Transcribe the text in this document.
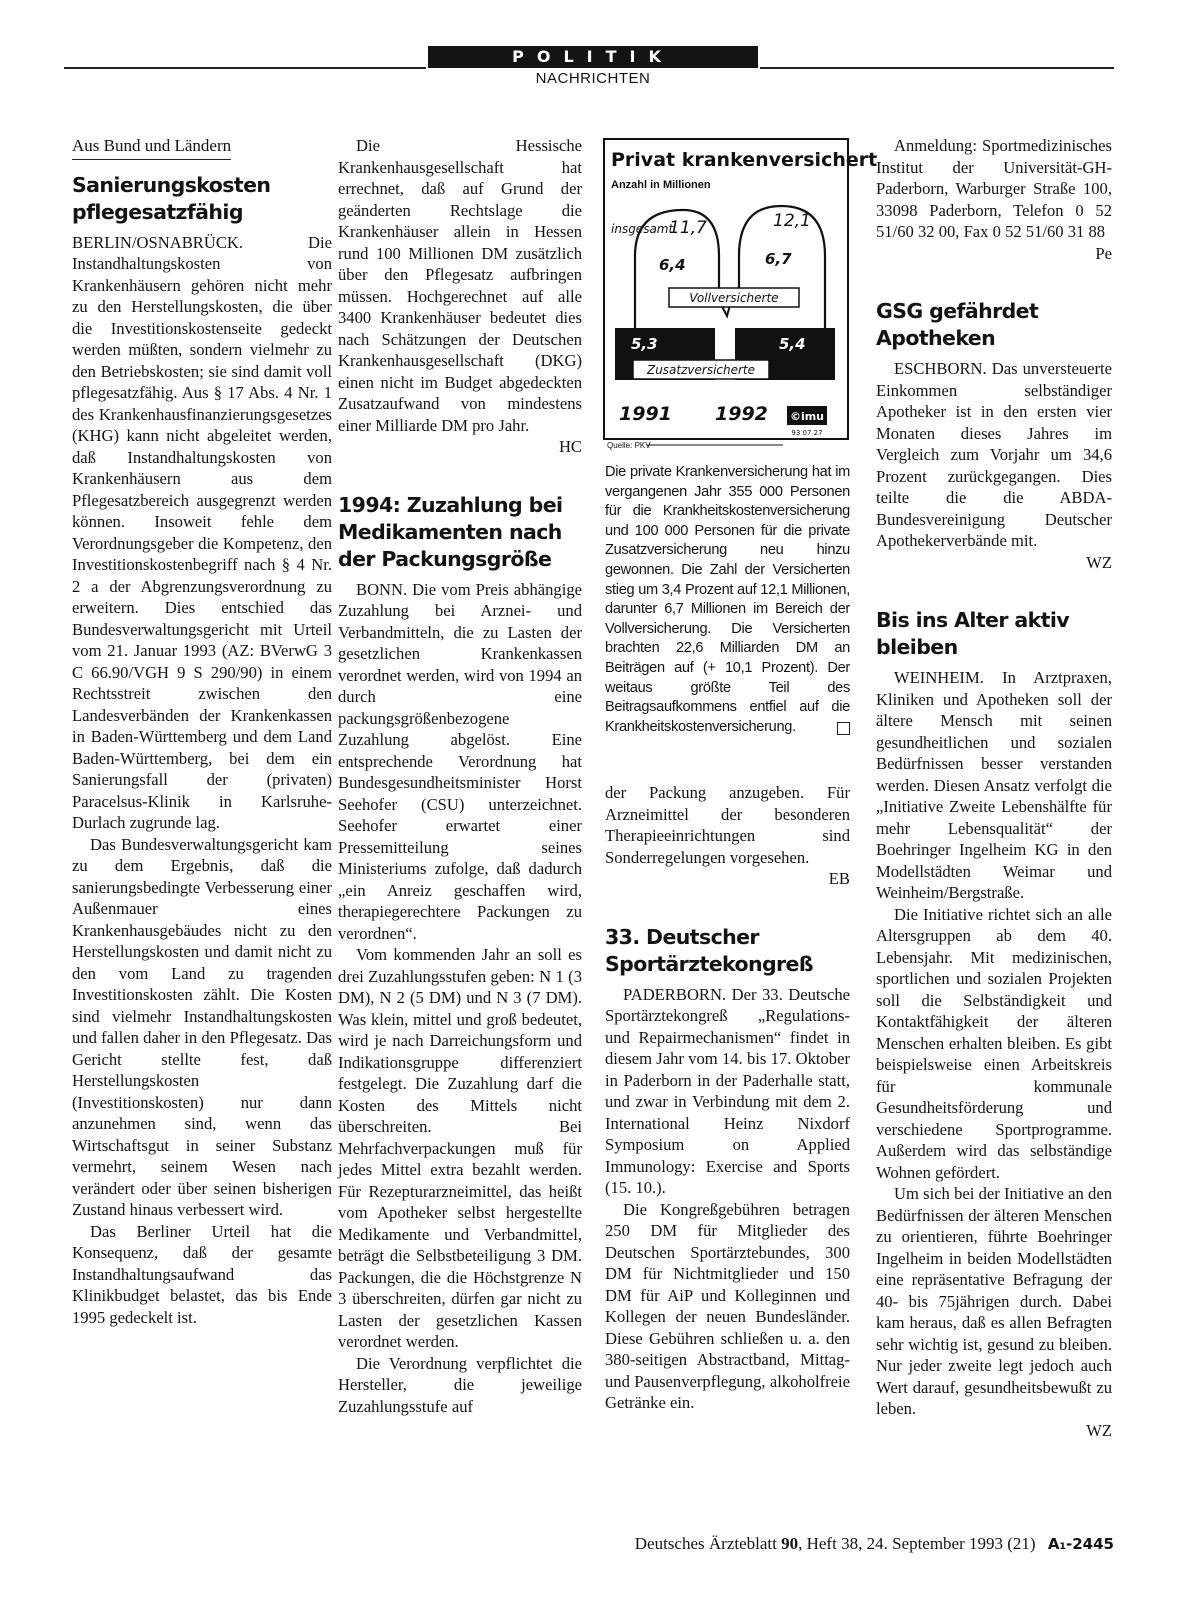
POLITIK
NACHRICHTEN
Aus Bund und Ländern
Sanierungskosten pflegesatzfähig

BERLIN/OSNABRÜCK. Die Instandhaltungskosten von Krankenhäusern gehören nicht mehr zu den Herstellungskosten, die über die Investitionskostenseite gedeckt werden müßten, sondern vielmehr zu den Betriebskosten; sie sind damit voll pflegesatzfähig. Aus § 17 Abs. 4 Nr. 1 des Krankenhausfinanzierungsgesetzes (KHG) kann nicht abgeleitet werden, daß Instandhaltungskosten von Krankenhäusern aus dem Pflegesatzbereich ausgegrenzt werden können. Insoweit fehle dem Verordnungsgeber die Kompetenz, den Investitionskostenbegriff nach § 4 Nr. 2 a der Abgrenzungsverordnung zu erweitern. Dies entschied das Bundesverwaltungsgericht mit Urteil vom 21. Januar 1993 (AZ: BVerwG 3 C 66.90/VGH 9 S 290/90) in einem Rechtsstreit zwischen den Landesverbänden der Krankenkassen in Baden-Württemberg und dem Land Baden-Württemberg, bei dem ein Sanierungsfall der (privaten) Paracelsus-Klinik in Karlsruhe-Durlach zugrunde lag.

Das Bundesverwaltungsgericht kam zu dem Ergebnis, daß die sanierungsbedingte Verbesserung einer Außenmauer eines Krankenhausgebäudes nicht zu den Herstellungskosten und damit nicht zu den vom Land zu tragenden Investitionskosten zählt. Die Kosten sind vielmehr Instandhaltungskosten und fallen daher in den Pflegesatz. Das Gericht stellte fest, daß Herstellungskosten (Investitionskosten) nur dann anzunehmen sind, wenn das Wirtschaftsgut in seiner Substanz vermehrt, seinem Wesen nach verändert oder über seinen bisherigen Zustand hinaus verbessert wird.

Das Berliner Urteil hat die Konsequenz, daß der gesamte Instandhaltungsaufwand das Klinikbudget belastet, das bis Ende 1995 gedeckelt ist.

Die Hessische Krankenhausgesellschaft hat errechnet, daß auf Grund der geänderten Rechtslage die Krankenhäuser allein in Hessen rund 100 Millionen DM zusätzlich über den Pflegesatz aufbringen müssen. Hochgerechnet auf alle 3400 Krankenhäuser bedeutet dies nach Schätzungen der Deutschen Krankenhausgesellschaft (DKG) einen nicht im Budget abgedeckten Zusatzaufwand von mindestens einer Milliarde DM pro Jahr.

HC
1994: Zuzahlung bei Medikamenten nach der Packungsgröße

BONN. Die vom Preis abhängige Zuzahlung bei Arznei- und Verbandmitteln, die zu Lasten der gesetzlichen Krankenkassen verordnet werden, wird von 1994 an durch eine packungsgrößenbezogene Zuzahlung abgelöst. Eine entsprechende Verordnung hat Bundesgesundheitsminister Horst Seehofer (CSU) unterzeichnet. Seehofer erwartet einer Pressemitteilung seines Ministeriums zufolge, daß dadurch „ein Anreiz geschaffen wird, therapiegerechtere Packungen zu verordnen“.

Vom kommenden Jahr an soll es drei Zuzahlungsstufen geben: N 1 (3 DM), N 2 (5 DM) und N 3 (7 DM). Was klein, mittel und groß bedeutet, wird je nach Darreichungsform und Indikationsgruppe differenziert festgelegt. Die Zuzahlung darf die Kosten des Mittels nicht überschreiten. Bei Mehrfachverpackungen muß für jedes Mittel extra bezahlt werden. Für Rezepturarzneimittel, das heißt vom Apotheker selbst hergestellte Medikamente und Verbandmittel, beträgt die Selbstbeteiligung 3 DM. Packungen, die die Höchstgrenze N 3 überschreiten, dürfen gar nicht zu Lasten der gesetzlichen Kassen verordnet werden.

Die Verordnung verpflichtet die Hersteller, die jeweilige Zuzahlungsstufe auf

Privat krankenversichert
Anzahl in Millionen
insgesamt
11,7	12,1
6,4	6,7
Vollversicherte
5,3	5,4
Zusatzversicherte
1991 1992 ©imu
93 07 27
Quelle: PKV
Die private Krankenversicherung hat im vergangenen Jahr 355 000 Personen für die Krankheitskostenversicherung und 100 000 Personen für die private Zusatzversicherung neu hinzu gewonnen. Die Zahl der Versicherten stieg um 3,4 Prozent auf 12,1 Millionen, darunter 6,7 Millionen im Bereich der Vollversicherung. Die Versicherten brachten 22,6 Milliarden DM an Beiträgen auf (+ 10,1 Prozent). Der weitaus größte Teil des Beitragsaufkommens entfiel auf die Krankheitskostenversicherung.

der Packung anzugeben. Für Arzneimittel der besonderen Therapieeinrichtungen sind Sonderregelungen vorgesehen.

EB
33. Deutscher Sportärztekongreß

PADERBORN. Der 33. Deutsche Sportärztekongreß „Regulations- und Repairmechanismen“ findet in diesem Jahr vom 14. bis 17. Oktober in Paderborn in der Paderhalle statt, und zwar in Verbindung mit dem 2. International Heinz Nixdorf Symposium on Applied Immunology: Exercise and Sports (15. 10.).

Die Kongreßgebühren betragen 250 DM für Mitglieder des Deutschen Sportärztebundes, 300 DM für Nichtmitglieder und 150 DM für AiP und Kolleginnen und Kollegen der neuen Bundesländer. Diese Gebühren schließen u. a. den 380-seitigen Abstractband, Mittag- und Pausenverpflegung, alkoholfreie Getränke ein.

Anmeldung: Sportmedizinisches Institut der Universität-GH-Paderborn, Warburger Straße 100, 33098 Paderborn, Telefon 0 52 51/60 32 00, Fax 0 52 51/60 31 88

Pe
GSG gefährdet Apotheken

ESCHBORN. Das unversteuerte Einkommen selbständiger Apotheker ist in den ersten vier Monaten dieses Jahres im Vergleich zum Vorjahr um 34,6 Prozent zurückgegangen. Dies teilte die die ABDA-Bundesvereinigung Deutscher Apothekerverbände mit.

WZ
Bis ins Alter aktiv bleiben

WEINHEIM. In Arztpraxen, Kliniken und Apotheken soll der ältere Mensch mit seinen gesundheitlichen und sozialen Bedürfnissen besser verstanden werden. Diesen Ansatz verfolgt die „Initiative Zweite Lebenshälfte für mehr Lebensqualität“ der Boehringer Ingelheim KG in den Modellstädten Weimar und Weinheim/Bergstraße.

Die Initiative richtet sich an alle Altersgruppen ab dem 40. Lebensjahr. Mit medizinischen, sportlichen und sozialen Projekten soll die Selbständigkeit und Kontaktfähigkeit der älteren Menschen erhalten bleiben. Es gibt beispielsweise einen Arbeitskreis für kommunale Gesundheitsförderung und verschiedene Sportprogramme. Außerdem wird das selbständige Wohnen gefördert.

Um sich bei der Initiative an den Bedürfnissen der älteren Menschen zu orientieren, führte Boehringer Ingelheim in beiden Modellstädten eine repräsentative Befragung der 40- bis 75jährigen durch. Dabei kam heraus, daß es allen Befragten sehr wichtig ist, gesund zu bleiben. Nur jeder zweite legt jedoch auch Wert darauf, gesundheitsbewußt zu leben.

WZ
Deutsches Ärzteblatt 90, Heft 38, 24. September 1993 (21) A₁-2445
